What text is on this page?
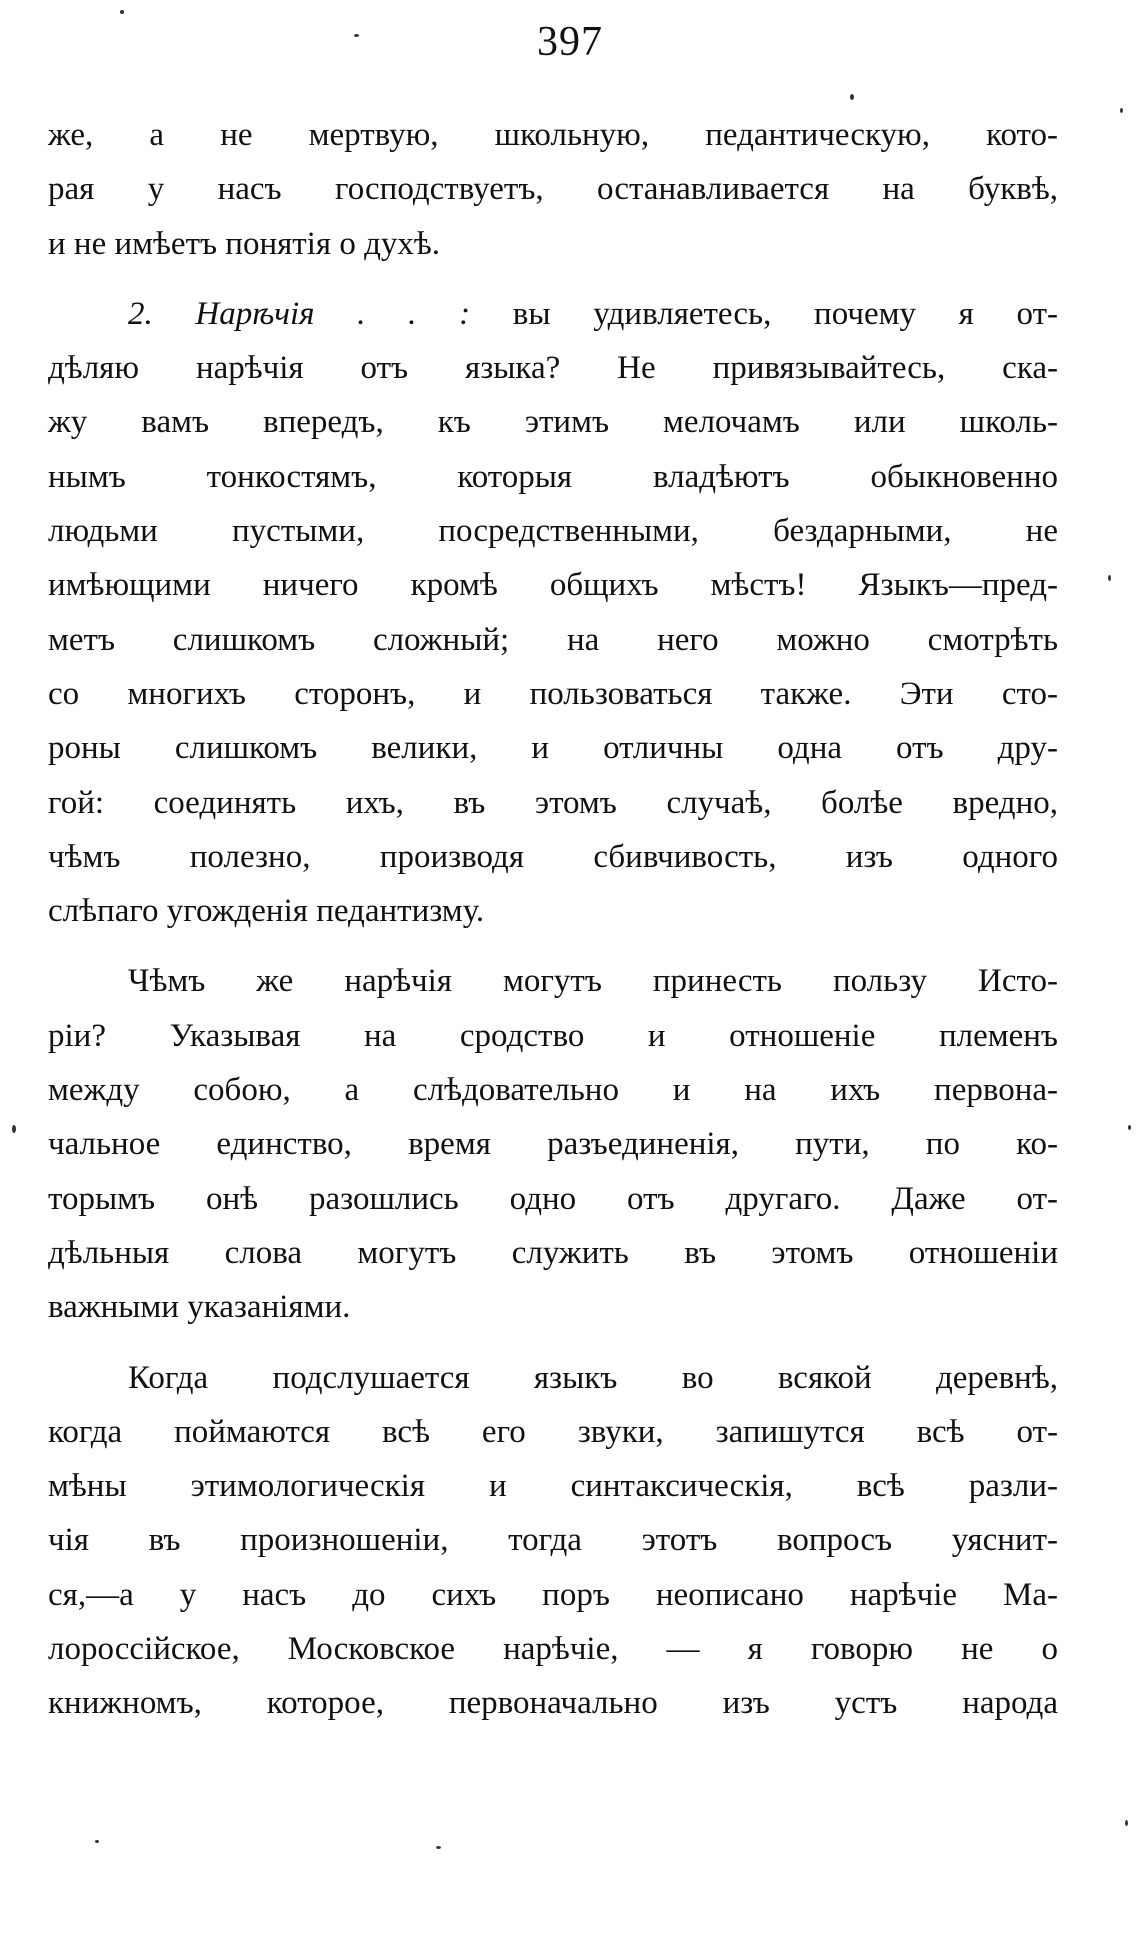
397
же, а не мертвую, школьную, педантическую, кото-
рая у насъ господствуетъ, останавливается на буквѣ,
и не имѣетъ понятія о духѣ.
2. Нарѣчія . . : вы удивляетесь, почему я от-
дѣляю нарѣчія отъ языка? Не привязывайтесь, ска-
жу вамъ впередъ, къ этимъ мелочамъ или школь-
нымъ тонкостямъ, которыя владѣютъ обыкновенно
людьми пустыми, посредственными, бездарными, не
имѣющими ничего кромѣ общихъ мѣстъ! Языкъ—пред-
метъ слишкомъ сложный; на него можно смотрѣть
со многихъ сторонъ, и пользоваться также. Эти сто-
роны слишкомъ велики, и отличны одна отъ дру-
гой: соединять ихъ, въ этомъ случаѣ, болѣе вредно,
чѣмъ полезно, производя сбивчивость, изъ одного
слѣпаго угожденія педантизму.
Чѣмъ же нарѣчія могутъ принесть пользу Исто-
ріи? Указывая на сродство и отношеніе племенъ
между собою, а слѣдовательно и на ихъ первона-
чальное единство, время разъединенія, пути, по ко-
торымъ онѣ разошлись одно отъ другаго. Даже от-
дѣльныя слова могутъ служить въ этомъ отношеніи
важными указаніями.
Когда подслушается языкъ во всякой деревнѣ,
когда поймаются всѣ его звуки, запишутся всѣ от-
мѣны этимологическія и синтаксическія, всѣ разли-
чія въ произношеніи, тогда этотъ вопросъ уяснит-
ся,—а у насъ до сихъ поръ неописано нарѣчіе Ма-
лороссійское, Московское нарѣчіе, — я говорю не о
книжномъ, которое, первоначально изъ устъ народа
